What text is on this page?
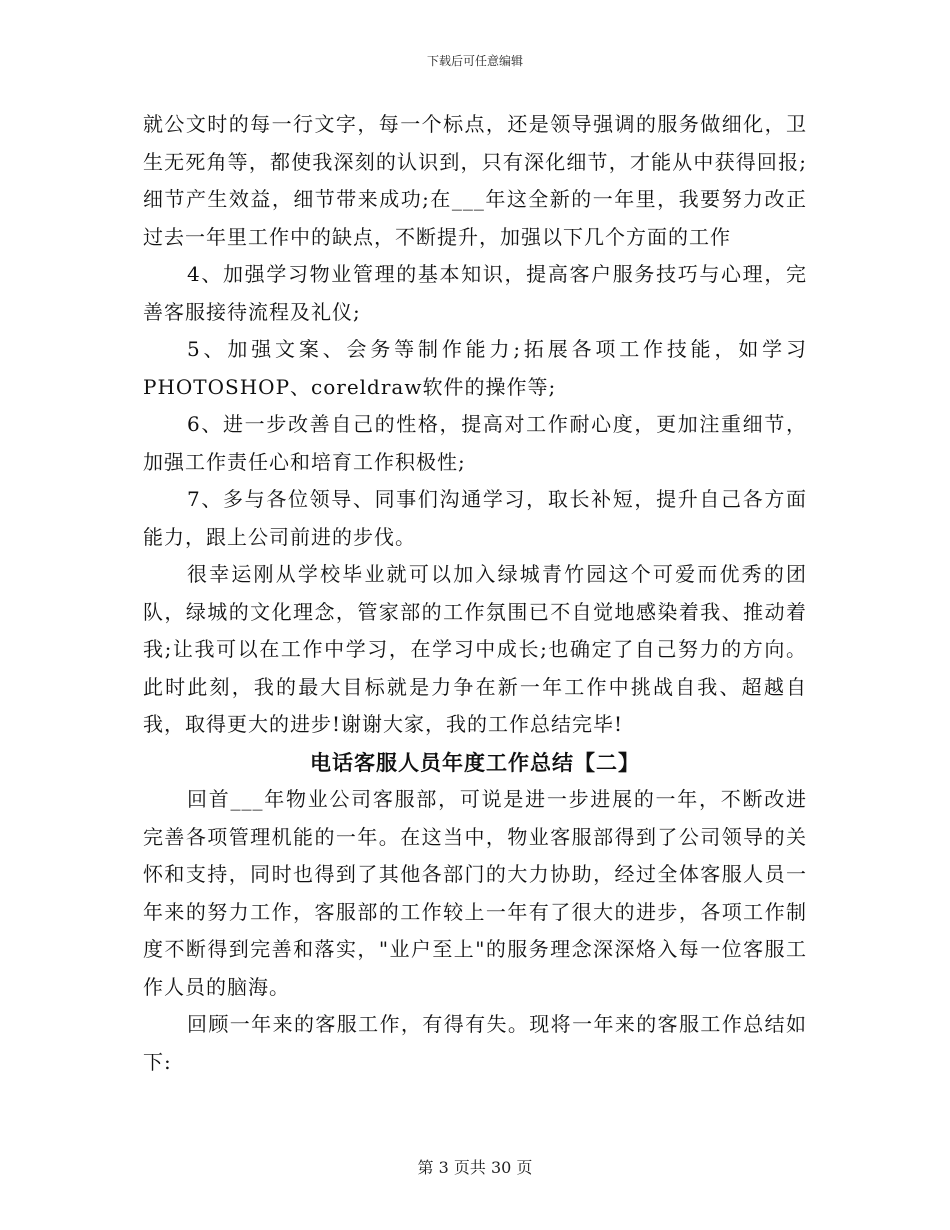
下载后可任意编辑

就公文时的每一行文字，每一个标点，还是领导强调的服务做细化，卫生无死角等，都使我深刻的认识到，只有深化细节，才能从中获得回报;细节产生效益，细节带来成功;在___年这全新的一年里，我要努力改正过去一年里工作中的缺点，不断提升，加强以下几个方面的工作

4、加强学习物业管理的基本知识，提高客户服务技巧与心理，完善客服接待流程及礼仪;

5、加强文案、会务等制作能力;拓展各项工作技能，如学习PHOTOSHOP、coreldraw软件的操作等;

6、进一步改善自己的性格，提高对工作耐心度，更加注重细节，加强工作责任心和培育工作积极性;

7、多与各位领导、同事们沟通学习，取长补短，提升自己各方面能力，跟上公司前进的步伐。

很幸运刚从学校毕业就可以加入绿城青竹园这个可爱而优秀的团队，绿城的文化理念，管家部的工作氛围已不自觉地感染着我、推动着我;让我可以在工作中学习，在学习中成长;也确定了自己努力的方向。此时此刻，我的最大目标就是力争在新一年工作中挑战自我、超越自我，取得更大的进步!谢谢大家，我的工作总结完毕!

电话客服人员年度工作总结【二】

回首___年物业公司客服部，可说是进一步进展的一年，不断改进完善各项管理机能的一年。在这当中，物业客服部得到了公司领导的关怀和支持，同时也得到了其他各部门的大力协助，经过全体客服人员一年来的努力工作，客服部的工作较上一年有了很大的进步，各项工作制度不断得到完善和落实，"业户至上"的服务理念深深烙入每一位客服工作人员的脑海。

回顾一年来的客服工作，有得有失。现将一年来的客服工作总结如下:

第 3 页共 30 页
